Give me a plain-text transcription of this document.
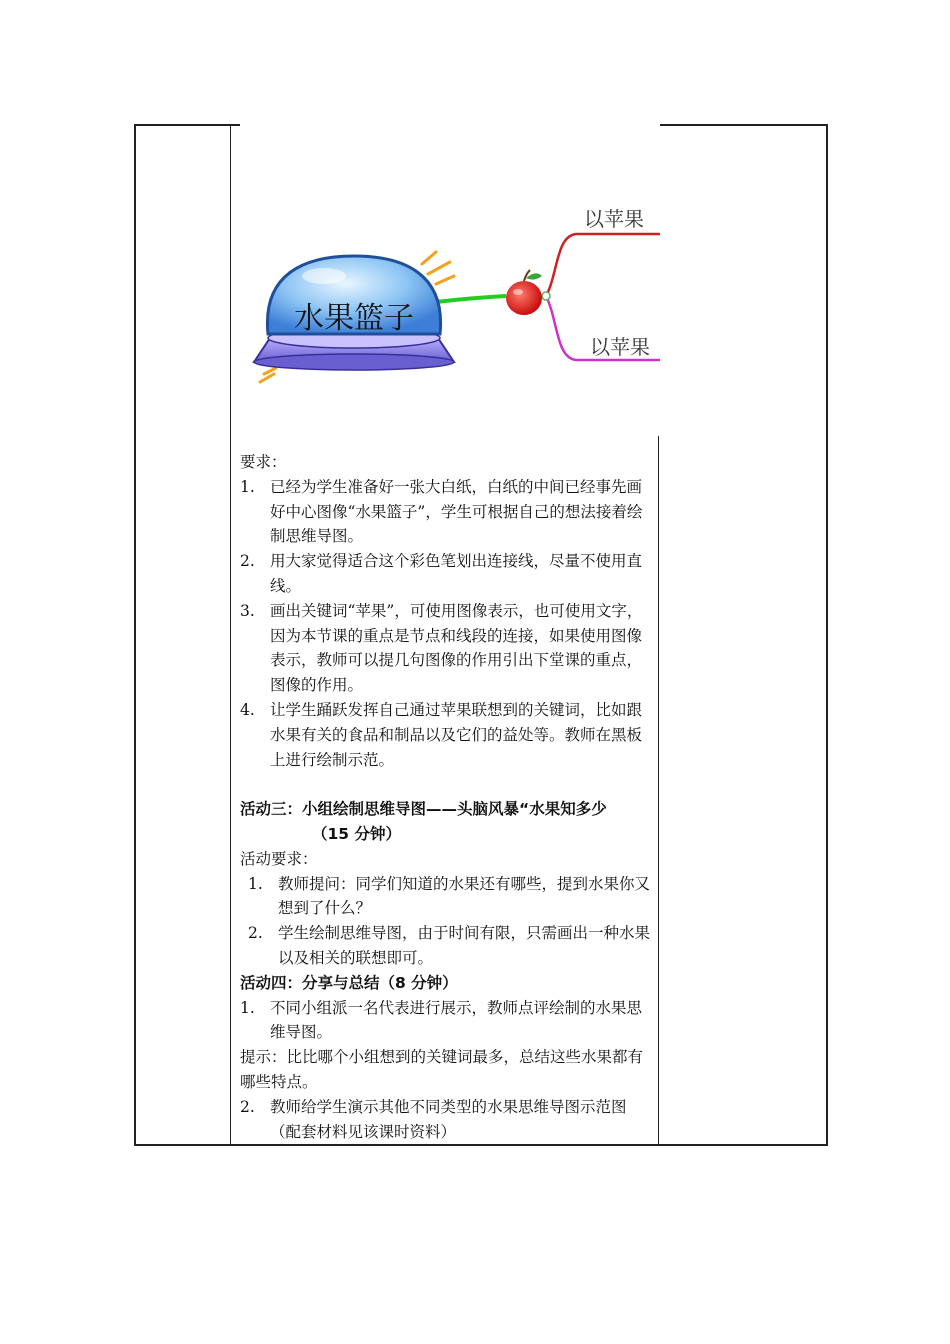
水果篮子
以苹果
以苹果

要求：

1. 已经为学生准备好一张大白纸，白纸的中间已经事先画好中心图像“水果篮子”，学生可根据自己的想法接着绘制思维导图。

2. 用大家觉得适合这个彩色笔划出连接线，尽量不使用直线。

3. 画出关键词“苹果”，可使用图像表示，也可使用文字，因为本节课的重点是节点和线段的连接，如果使用图像表示，教师可以提几句图像的作用引出下堂课的重点，图像的作用。

4. 让学生踊跃发挥自己通过苹果联想到的关键词，比如跟水果有关的食品和制品以及它们的益处等。教师在黑板上进行绘制示范。

活动三：小组绘制思维导图——头脑风暴“水果知多少

（15 分钟）

活动要求：

1. 教师提问：同学们知道的水果还有哪些，提到水果你又想到了什么？

2. 学生绘制思维导图，由于时间有限，只需画出一种水果以及相关的联想即可。

活动四：分享与总结（8 分钟）

1. 不同小组派一名代表进行展示，教师点评绘制的水果思维导图。

提示：比比哪个小组想到的关键词最多，总结这些水果都有哪些特点。

2. 教师给学生演示其他不同类型的水果思维导图示范图（配套材料见该课时资料）
